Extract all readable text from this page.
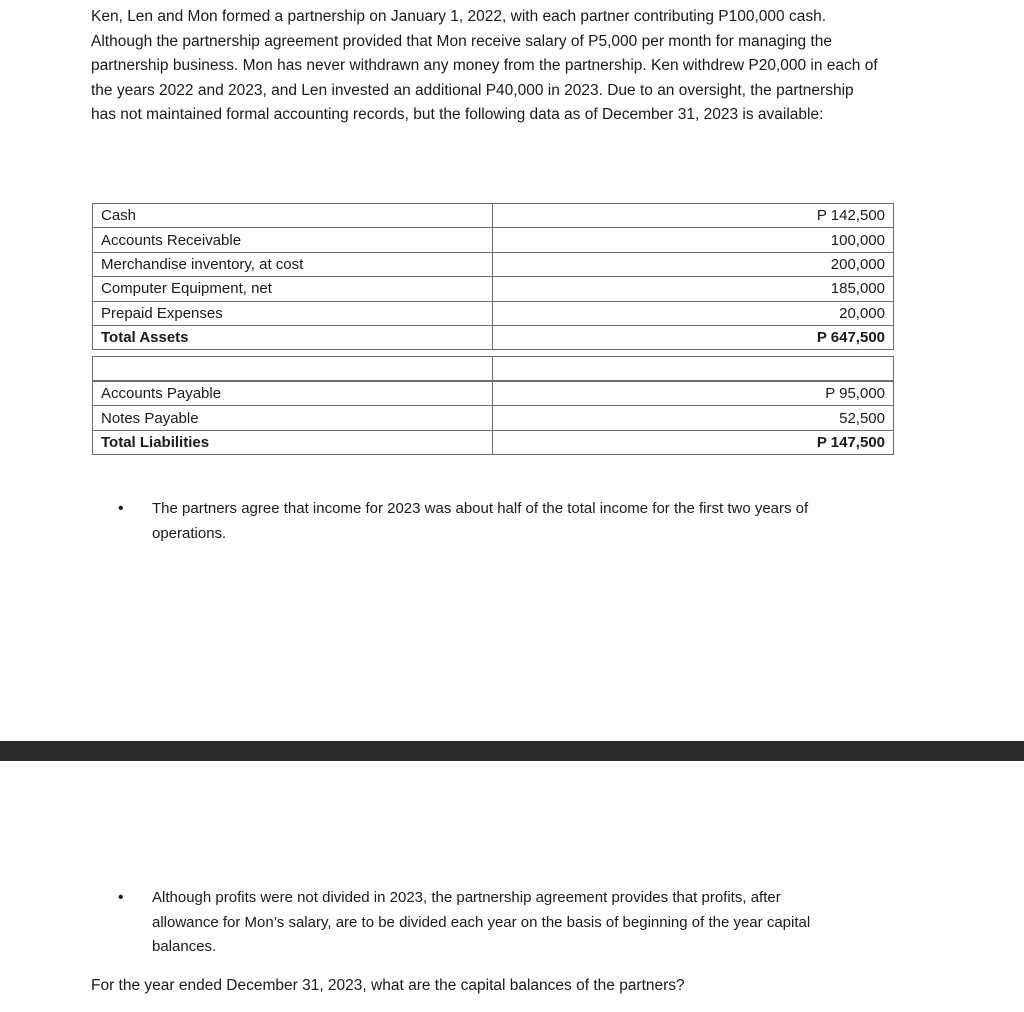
Ken, Len and Mon formed a partnership on January 1, 2022, with each partner contributing P100,000 cash. Although the partnership agreement provided that Mon receive salary of P5,000 per month for managing the partnership business. Mon has never withdrawn any money from the partnership. Ken withdrew P20,000 in each of the years 2022 and 2023, and Len invested an additional P40,000 in 2023. Due to an oversight, the partnership has not maintained formal accounting records, but the following data as of December 31, 2023 is available:

Cash	P 142,500
Accounts Receivable	100,000
Merchandise inventory, at cost	200,000
Computer Equipment, net	185,000
Prepaid Expenses	20,000
Total Assets	P 647,500

Accounts Payable	P 95,000
Notes Payable	52,500
Total Liabilities	P 147,500
• The partners agree that income for 2023 was about half of the total income for the first two years of operations.
• Although profits were not divided in 2023, the partnership agreement provides that profits, after allowance for Mon’s salary, are to be divided each year on the basis of beginning of the year capital balances.
For the year ended December 31, 2023, what are the capital balances of the partners?
